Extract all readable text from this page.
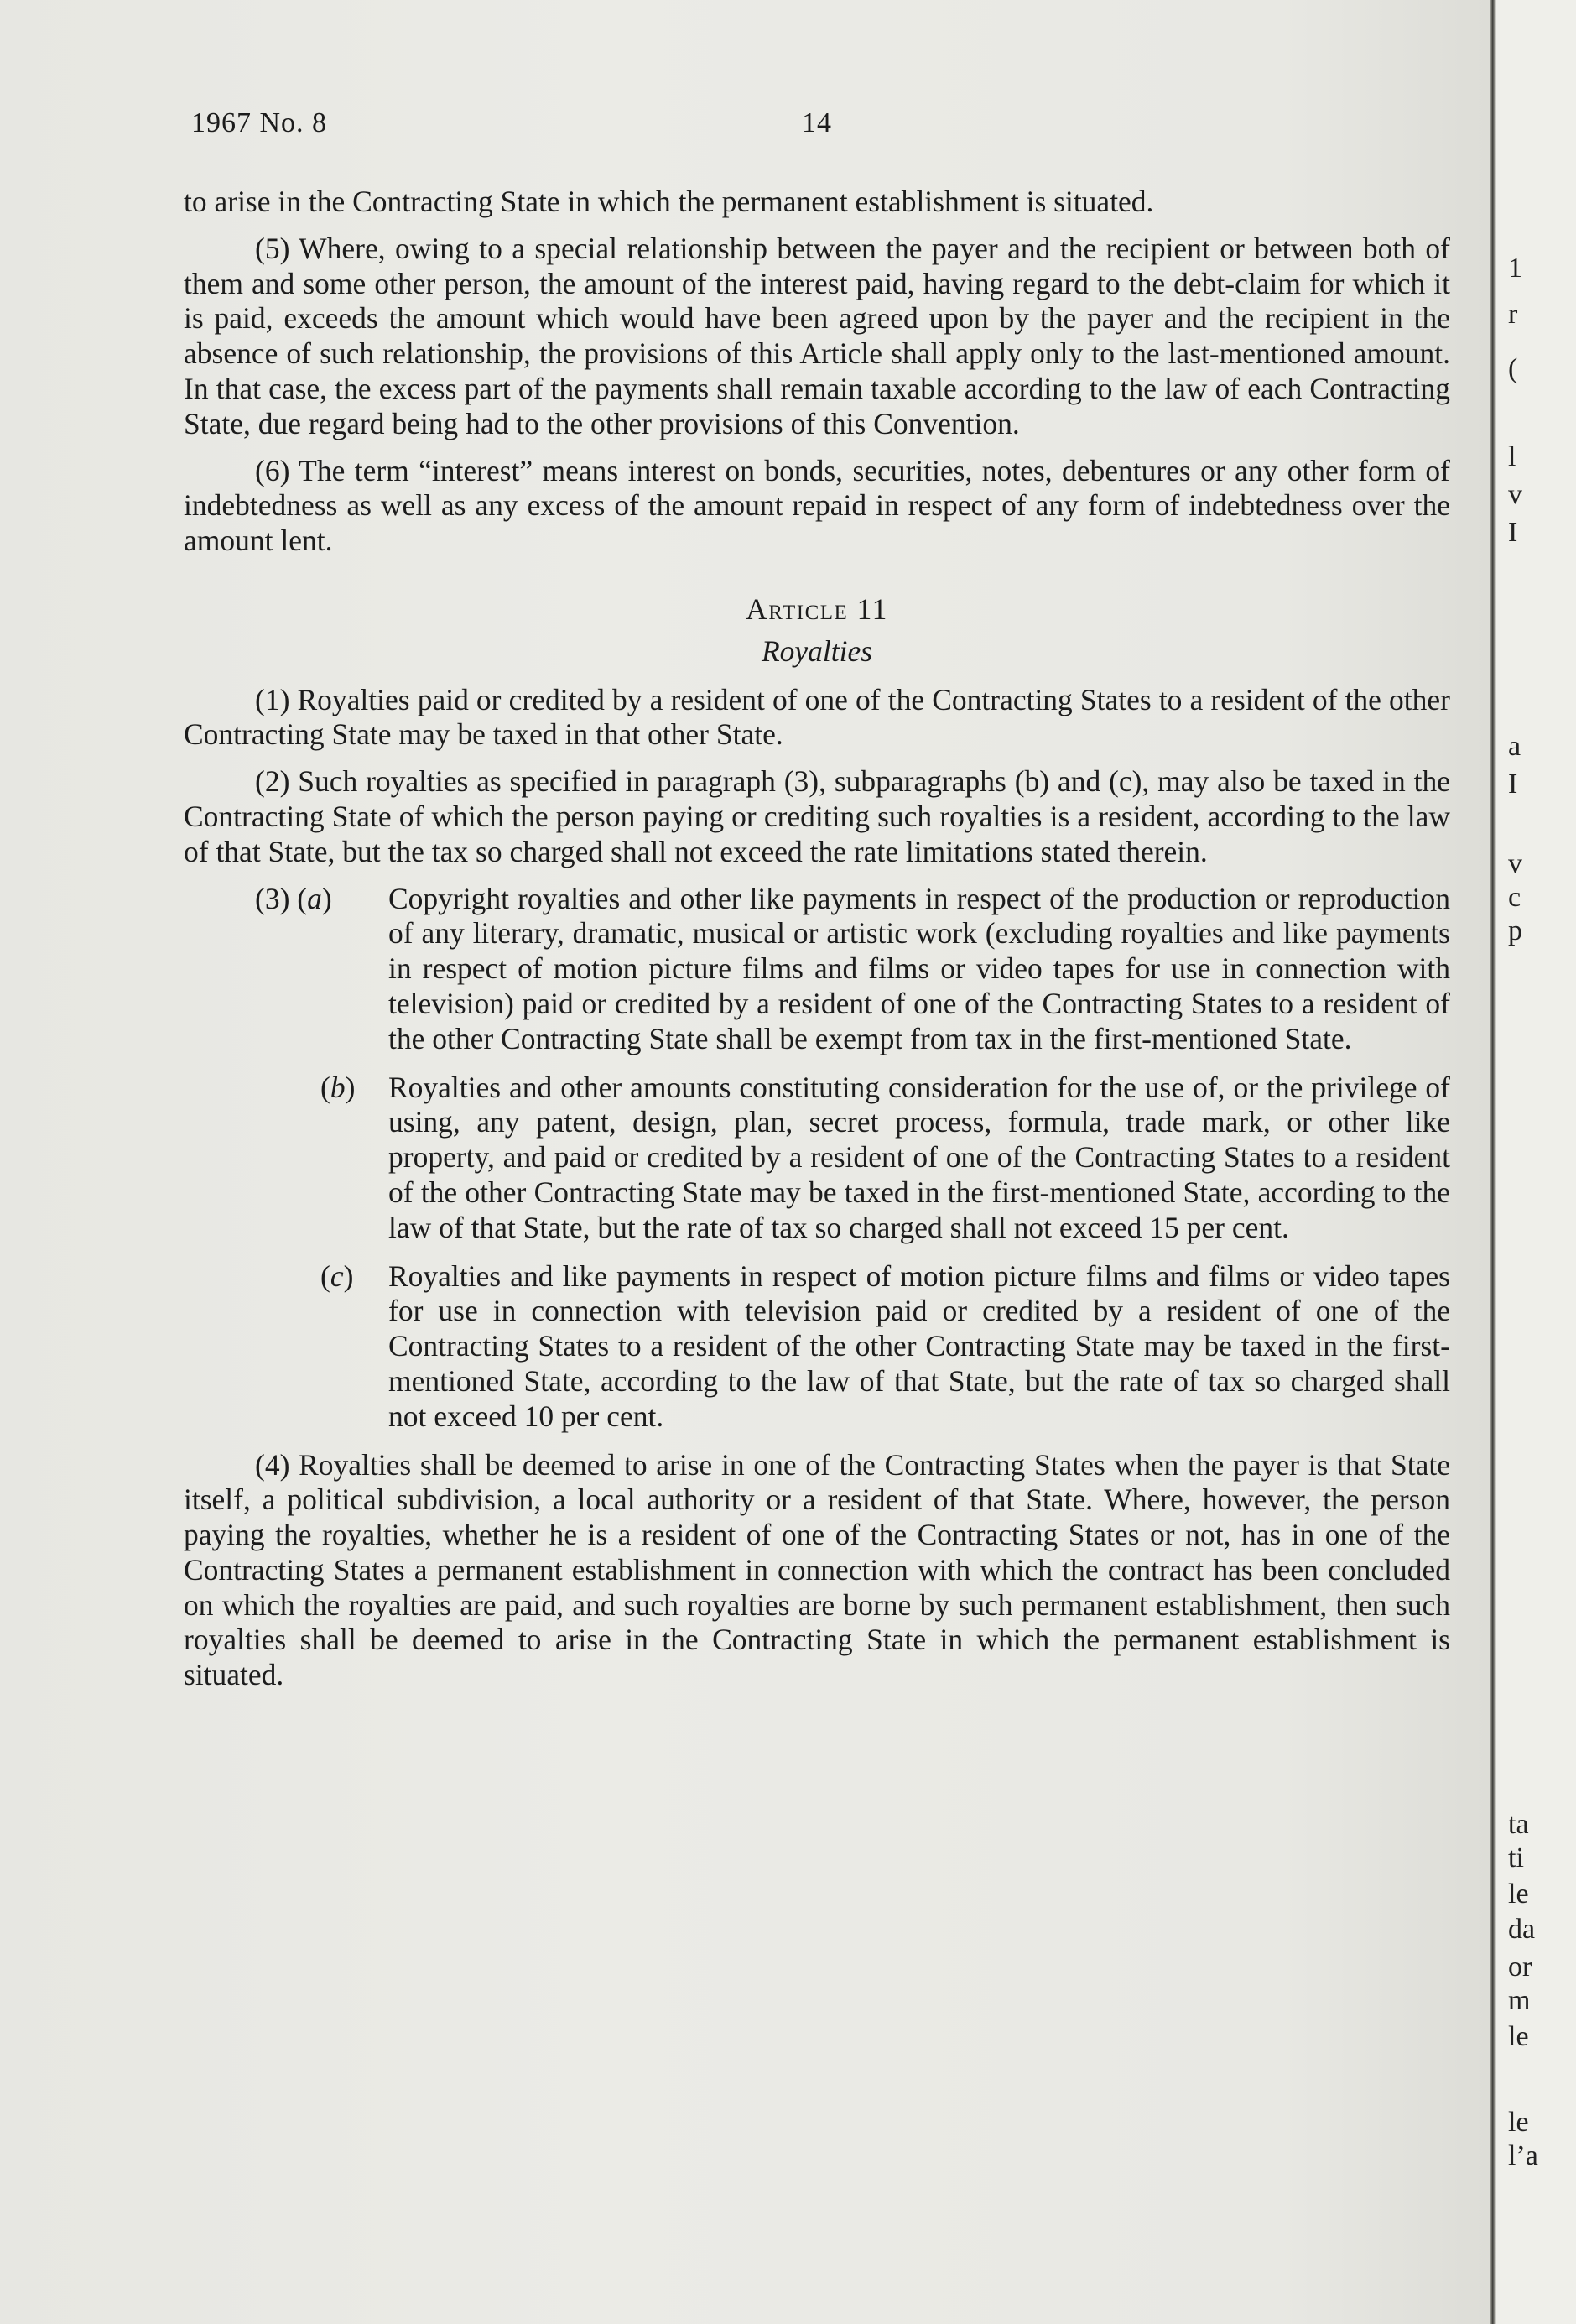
1967 No. 8	14

to arise in the Contracting State in which the permanent establishment is situated.

(5) Where, owing to a special relationship between the payer and the recipient or between both of them and some other person, the amount of the interest paid, having regard to the debt-claim for which it is paid, exceeds the amount which would have been agreed upon by the payer and the recipient in the absence of such relationship, the provisions of this Article shall apply only to the last-mentioned amount. In that case, the excess part of the payments shall remain taxable according to the law of each Contracting State, due regard being had to the other provisions of this Convention.

(6) The term “interest” means interest on bonds, securities, notes, debentures or any other form of indebtedness as well as any excess of the amount repaid in respect of any form of indebtedness over the amount lent.

Article 11

Royalties

(1) Royalties paid or credited by a resident of one of the Contracting States to a resident of the other Contracting State may be taxed in that other State.

(2) Such royalties as specified in paragraph (3), subparagraphs (b) and (c), may also be taxed in the Contracting State of which the person paying or crediting such royalties is a resident, according to the law of that State, but the tax so charged shall not exceed the rate limitations stated therein.

(3) (a) Copyright royalties and other like payments in respect of the production or reproduction of any literary, dramatic, musical or artistic work (excluding royalties and like payments in respect of motion picture films and films or video tapes for use in connection with television) paid or credited by a resident of one of the Contracting States to a resident of the other Contracting State shall be exempt from tax in the first-mentioned State.

(b) Royalties and other amounts constituting consideration for the use of, or the privilege of using, any patent, design, plan, secret process, formula, trade mark, or other like property, and paid or credited by a resident of one of the Contracting States to a resident of the other Contracting State may be taxed in the first-mentioned State, according to the law of that State, but the rate of tax so charged shall not exceed 15 per cent.

(c) Royalties and like payments in respect of motion picture films and films or video tapes for use in connection with television paid or credited by a resident of one of the Contracting States to a resident of the other Contracting State may be taxed in the first-mentioned State, according to the law of that State, but the rate of tax so charged shall not exceed 10 per cent.

(4) Royalties shall be deemed to arise in one of the Contracting States when the payer is that State itself, a political subdivision, a local authority or a resident of that State. Where, however, the person paying the royalties, whether he is a resident of one of the Contracting States or not, has in one of the Contracting States a permanent establishment in connection with which the contract has been concluded on which the royalties are paid, and such royalties are borne by such permanent establishment, then such royalties shall be deemed to arise in the Contracting State in which the permanent establishment is situated.

1
r
(
l
v
I
a
I
v
c
p
ta
ti
le
da
or
m
le
le
l’a
